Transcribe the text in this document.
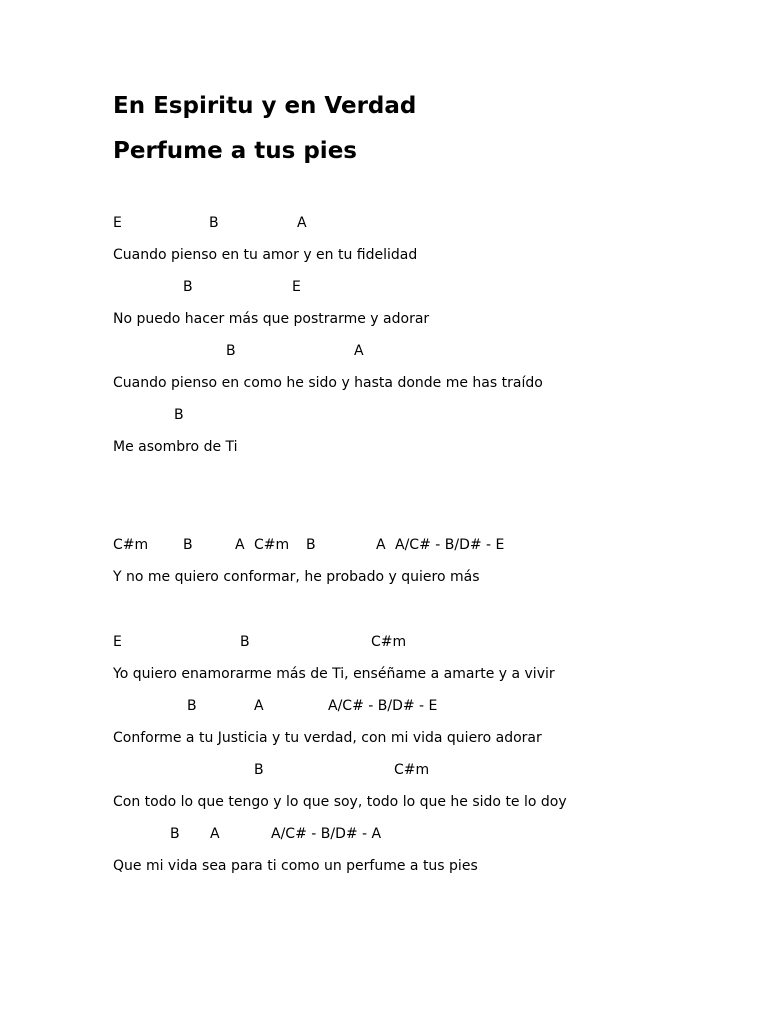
En Espiritu y en Verdad
Perfume a tus pies
E	B	A
Cuando pienso en tu amor y en tu fidelidad
B	E
No puedo hacer más que postrarme y adorar
B	A
Cuando pienso en como he sido y hasta donde me has traído
B
Me asombro de Ti
C#m B	A C#m B	A A/C# - B/D# - E
Y no me quiero conformar, he probado y quiero más
E	B	C#m
Yo quiero enamorarme más de Ti, enséñame a amarte y a vivir
B	A	A/C# - B/D# - E
Conforme a tu Justicia y tu verdad, con mi vida quiero adorar
B	C#m
Con todo lo que tengo y lo que soy, todo lo que he sido te lo doy
B A	A/C# - B/D# - A
Que mi vida sea para ti como un perfume a tus pies
